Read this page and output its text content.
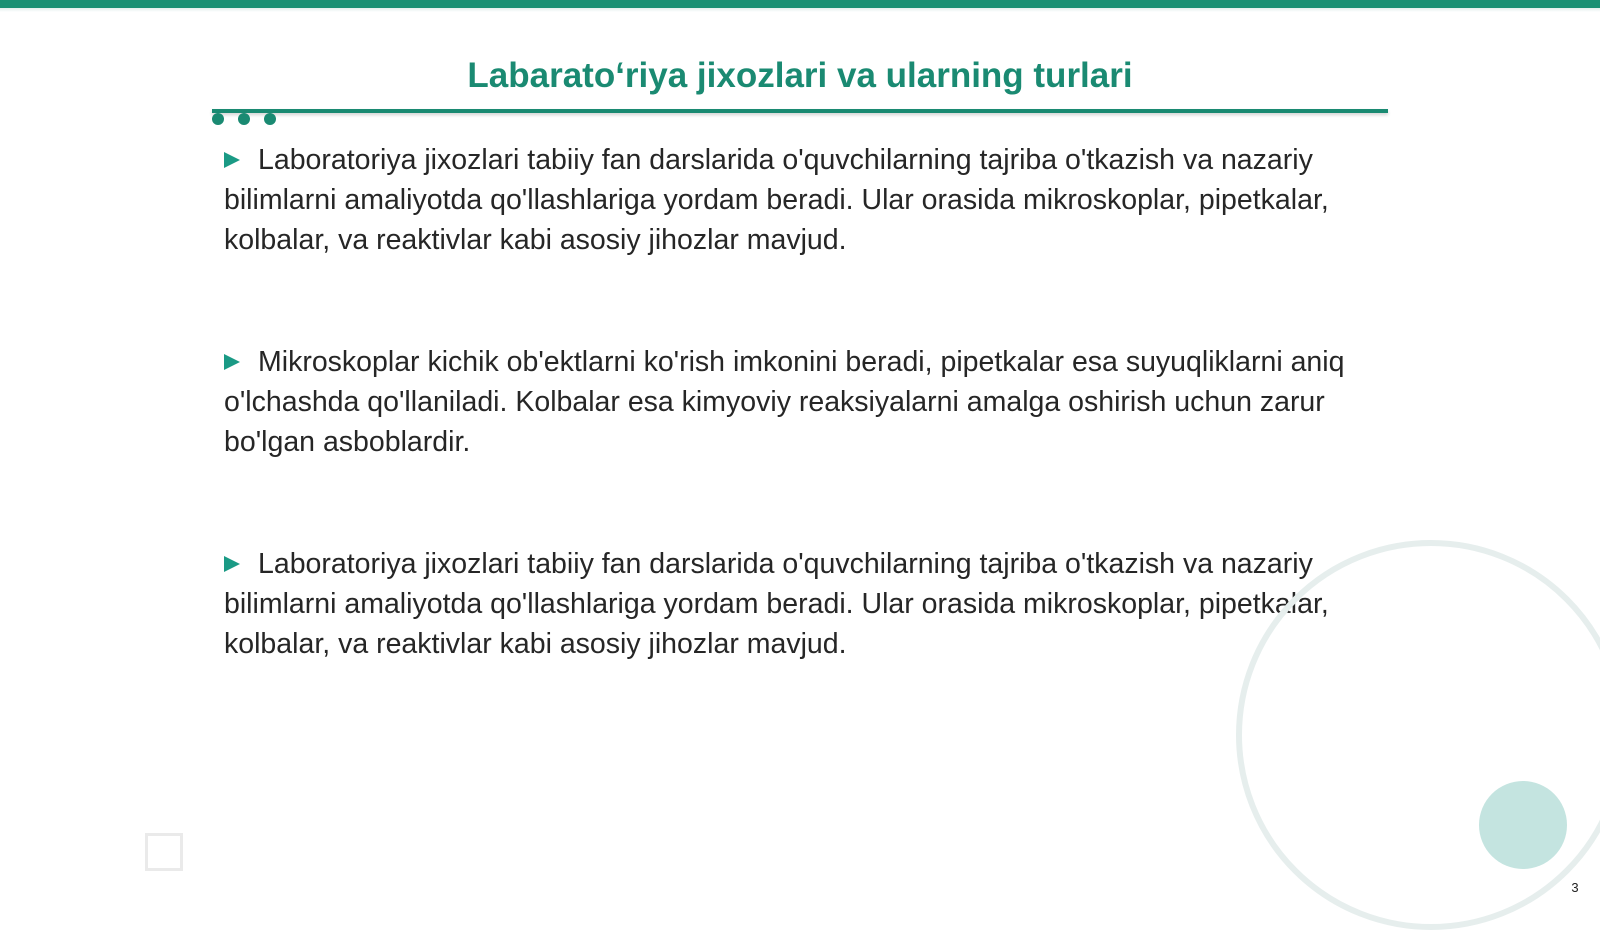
Labarato‘riya jixozlari va ularning turlari
Laboratoriya jixozlari tabiiy fan darslarida o'quvchilarning tajriba o'tkazish va nazariy bilimlarni amaliyotda qo'llashlariga yordam beradi. Ular orasida mikroskoplar, pipetkalar, kolbalar, va reaktivlar kabi asosiy jihozlar mavjud.
Mikroskoplar kichik ob'ektlarni ko'rish imkonini beradi, pipetkalar esa suyuqliklarni aniq o'lchashda qo'llaniladi. Kolbalar esa kimyoviy reaksiyalarni amalga oshirish uchun zarur bo'lgan asboblardir.
Laboratoriya jixozlari tabiiy fan darslarida o'quvchilarning tajriba o'tkazish va nazariy bilimlarni amaliyotda qo'llashlariga yordam beradi. Ular orasida mikroskoplar, pipetkalar, kolbalar, va reaktivlar kabi asosiy jihozlar mavjud.
3
